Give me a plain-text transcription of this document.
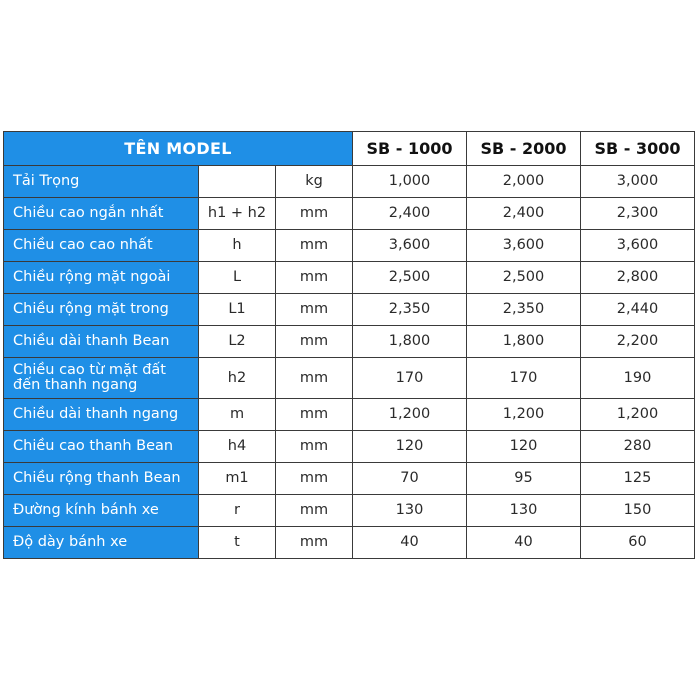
TÊN MODEL			SB - 1000	SB - 2000	SB - 3000
Tải Trọng		kg	1,000	2,000	3,000
Chiều cao ngắn nhất	h1 + h2	mm	2,400	2,400	2,300
Chiều cao cao nhất	h	mm	3,600	3,600	3,600
Chiều rộng mặt ngoài	L	mm	2,500	2,500	2,800
Chiều rộng mặt trong	L1	mm	2,350	2,350	2,440
Chiều dài thanh Bean	L2	mm	1,800	1,800	2,200
Chiều cao từ mặt đất
đến thanh ngang	h2	mm	170	170	190
Chiều dài thanh ngang	m	mm	1,200	1,200	1,200
Chiều cao thanh Bean	h4	mm	120	120	280
Chiều rộng thanh Bean	m1	mm	70	95	125
Đường kính bánh xe	r	mm	130	130	150
Độ dày bánh xe	t	mm	40	40	60
